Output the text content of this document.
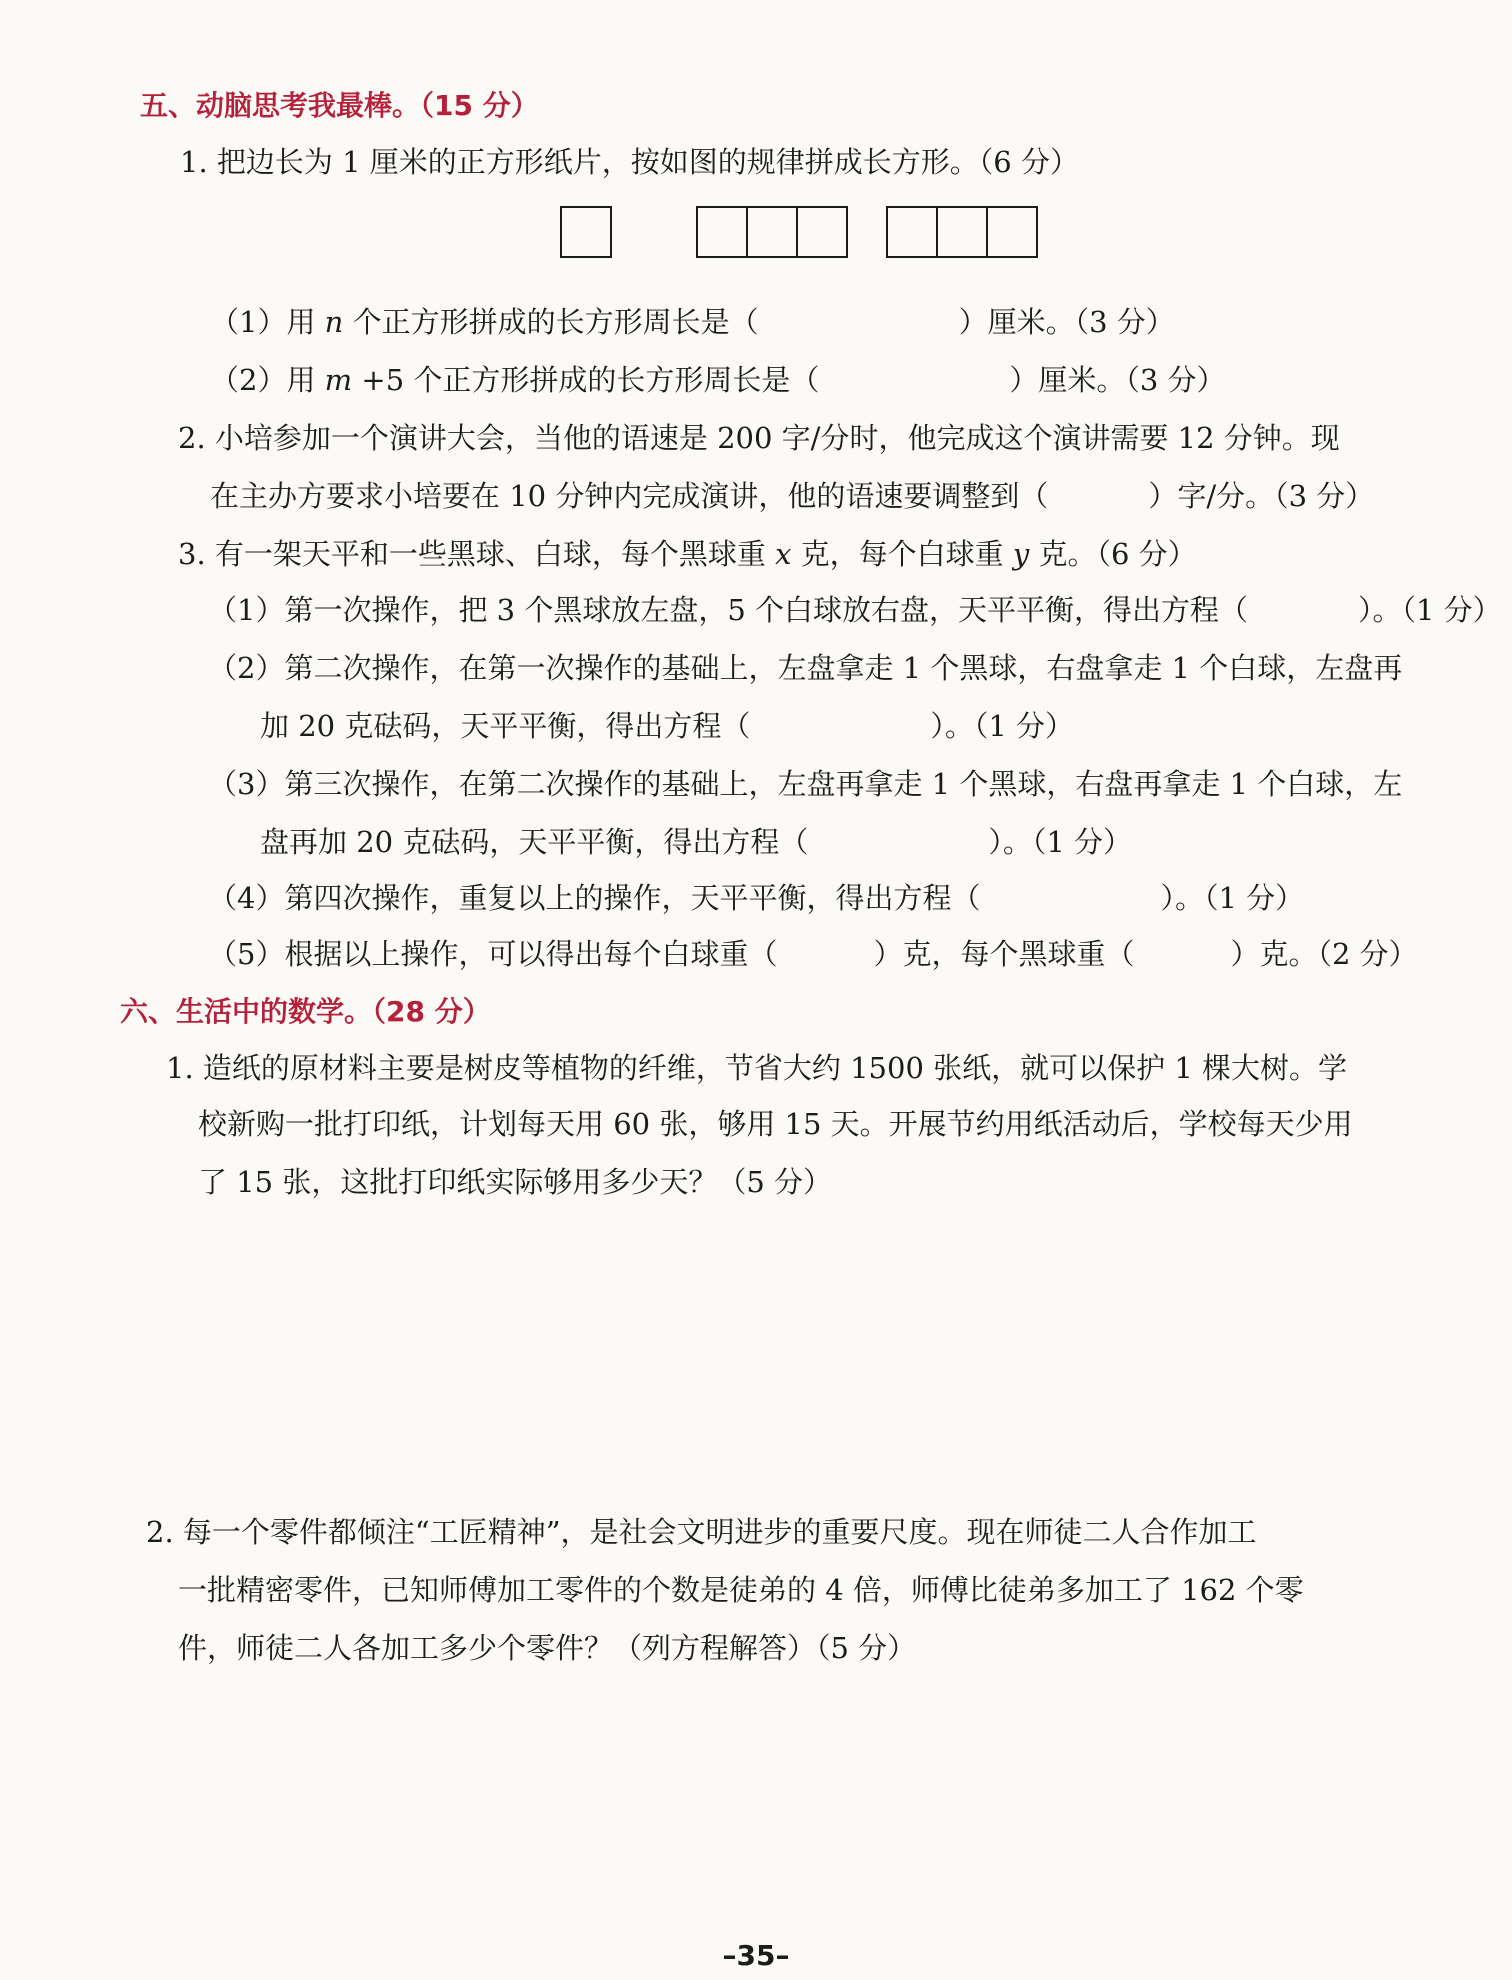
五、动脑思考我最棒。（15 分）
1. 把边长为 1 厘米的正方形纸片，按如图的规律拼成长方形。（6 分）
（1）用 n 个正方形拼成的长方形周长是（	）厘米。（3 分）
（2）用 m +5 个正方形拼成的长方形周长是（	）厘米。（3 分）
2. 小培参加一个演讲大会，当他的语速是 200 字/分时，他完成这个演讲需要 12 分钟。现
在主办方要求小培要在 10 分钟内完成演讲，他的语速要调整到（	）字/分。（3 分）
3. 有一架天平和一些黑球、白球，每个黑球重 x 克，每个白球重 y 克。（6 分）
（1）第一次操作，把 3 个黑球放左盘，5 个白球放右盘，天平平衡，得出方程（	）。（1 分）
（2）第二次操作，在第一次操作的基础上，左盘拿走 1 个黑球，右盘拿走 1 个白球，左盘再
加 20 克砝码，天平平衡，得出方程（	）。（1 分）
（3）第三次操作，在第二次操作的基础上，左盘再拿走 1 个黑球，右盘再拿走 1 个白球，左
盘再加 20 克砝码，天平平衡，得出方程（	）。（1 分）
（4）第四次操作，重复以上的操作，天平平衡，得出方程（	）。（1 分）
（5）根据以上操作，可以得出每个白球重（	）克，每个黑球重（	）克。（2 分）
六、生活中的数学。（28 分）
1. 造纸的原材料主要是树皮等植物的纤维，节省大约 1500 张纸，就可以保护 1 棵大树。学
校新购一批打印纸，计划每天用 60 张，够用 15 天。开展节约用纸活动后，学校每天少用
了 15 张，这批打印纸实际够用多少天？（5 分）
2. 每一个零件都倾注“工匠精神”，是社会文明进步的重要尺度。现在师徒二人合作加工
一批精密零件，已知师傅加工零件的个数是徒弟的 4 倍，师傅比徒弟多加工了 162 个零
件，师徒二人各加工多少个零件？（列方程解答）（5 分）
–35–
